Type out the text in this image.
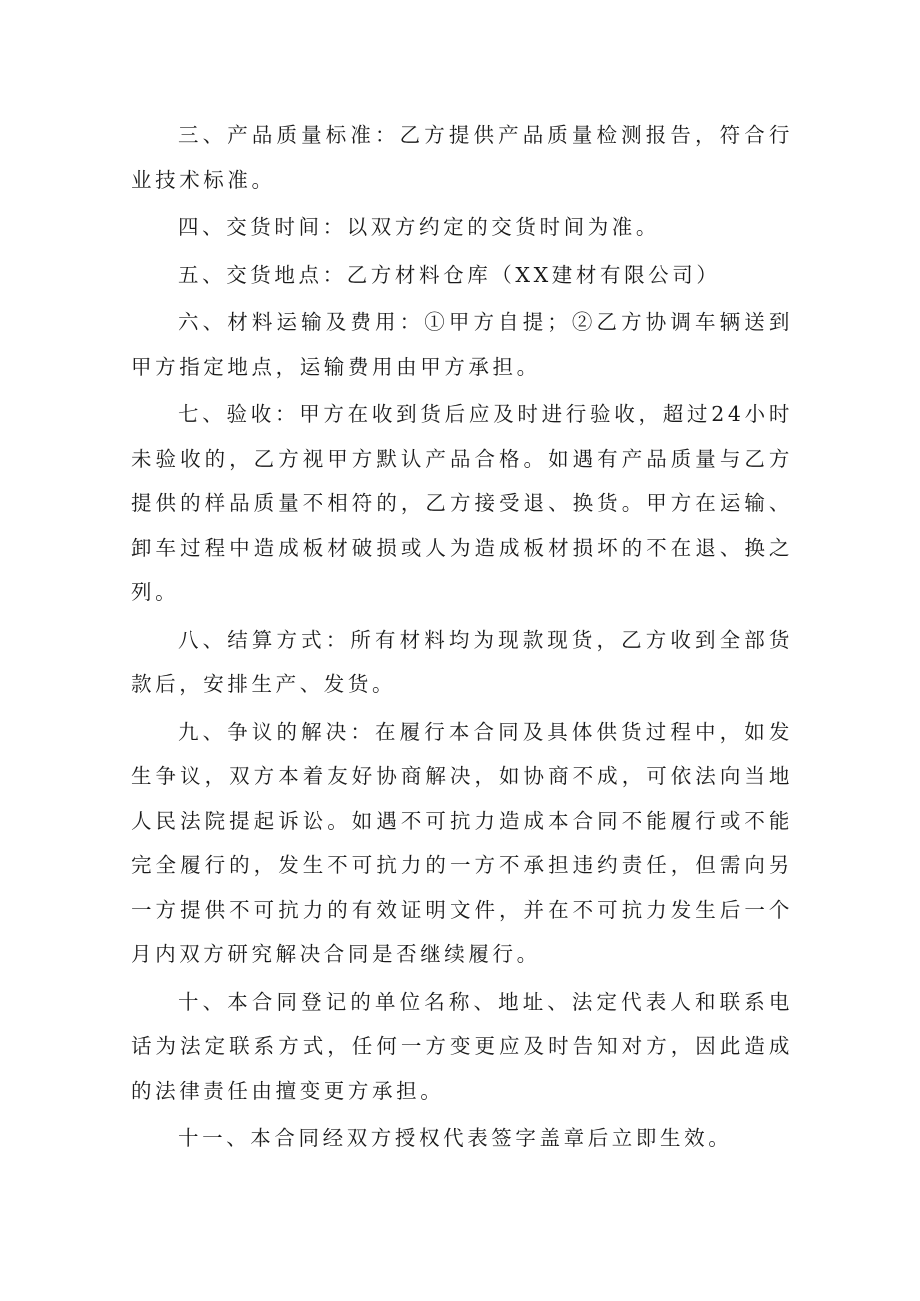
三、产品质量标准：乙方提供产品质量检测报告，符合行业技术标准。

四、交货时间：以双方约定的交货时间为准。

五、交货地点：乙方材料仓库（XX建材有限公司）

六、材料运输及费用：①甲方自提；②乙方协调车辆送到甲方指定地点，运输费用由甲方承担。

七、验收：甲方在收到货后应及时进行验收，超过24小时未验收的，乙方视甲方默认产品合格。如遇有产品质量与乙方提供的样品质量不相符的，乙方接受退、换货。甲方在运输、卸车过程中造成板材破损或人为造成板材损坏的不在退、换之列。

八、结算方式：所有材料均为现款现货，乙方收到全部货款后，安排生产、发货。

九、争议的解决：在履行本合同及具体供货过程中，如发生争议，双方本着友好协商解决，如协商不成，可依法向当地人民法院提起诉讼。如遇不可抗力造成本合同不能履行或不能完全履行的，发生不可抗力的一方不承担违约责任，但需向另一方提供不可抗力的有效证明文件，并在不可抗力发生后一个月内双方研究解决合同是否继续履行。

十、本合同登记的单位名称、地址、法定代表人和联系电话为法定联系方式，任何一方变更应及时告知对方，因此造成的法律责任由擅变更方承担。

十一、本合同经双方授权代表签字盖章后立即生效。
